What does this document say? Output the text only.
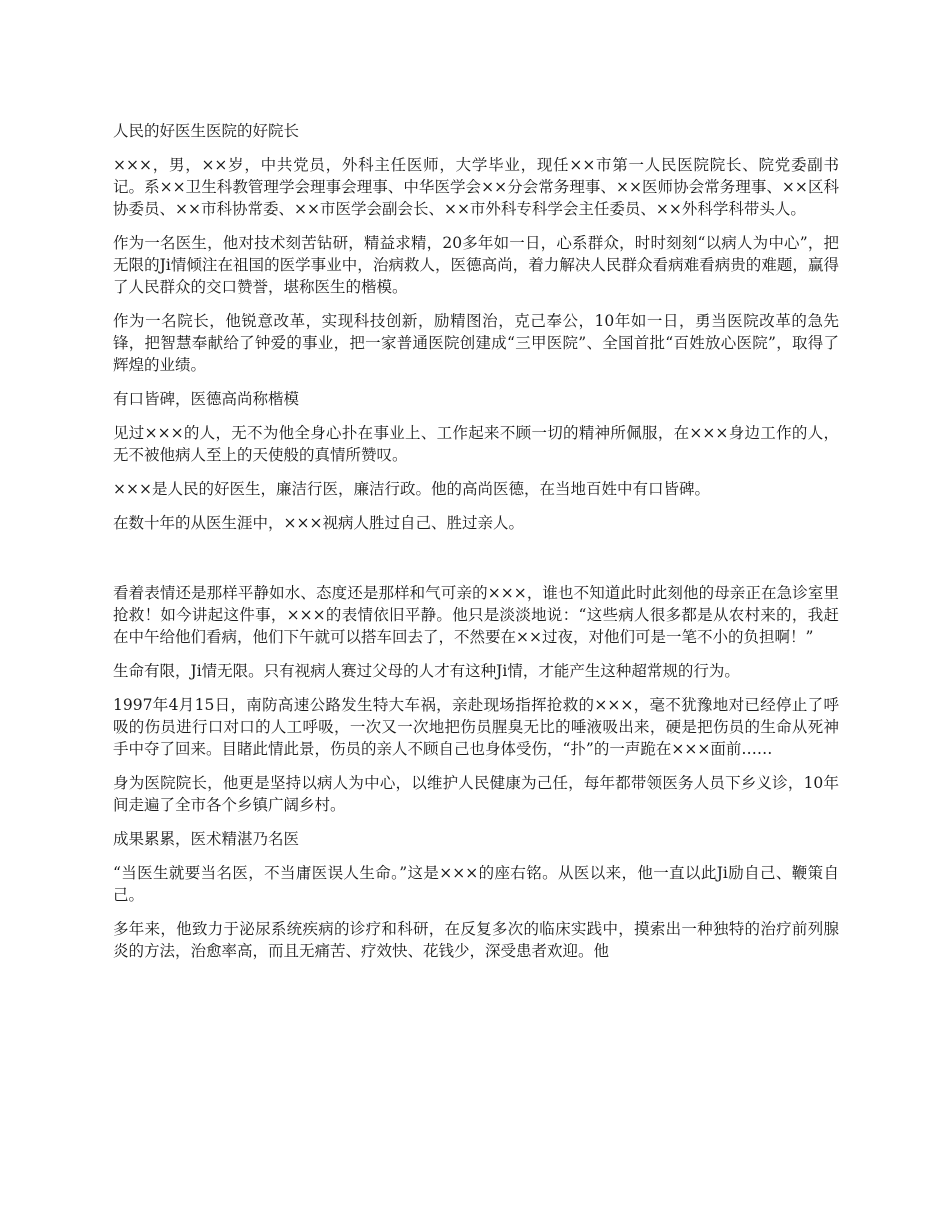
人民的好医生医院的好院长

×××，男，××岁，中共党员，外科主任医师，大学毕业，现任××市第一人民医院院长、院党委副书记。系××卫生科教管理学会理事会理事、中华医学会××分会常务理事、××医师协会常务理事、××区科协委员、××市科协常委、××市医学会副会长、××市外科专科学会主任委员、××外科学科带头人。

作为一名医生，他对技术刻苦钻研，精益求精，20多年如一日，心系群众，时时刻刻“以病人为中心”，把无限的Ji情倾注在祖国的医学事业中，治病救人，医德高尚，着力解决人民群众看病难看病贵的难题，赢得了人民群众的交口赞誉，堪称医生的楷模。

作为一名院长，他锐意改革，实现科技创新，励精图治，克己奉公，10年如一日，勇当医院改革的急先锋，把智慧奉献给了钟爱的事业，把一家普通医院创建成“三甲医院”、全国首批“百姓放心医院”，取得了辉煌的业绩。

有口皆碑，医德高尚称楷模

见过×××的人，无不为他全身心扑在事业上、工作起来不顾一切的精神所佩服，在×××身边工作的人，无不被他病人至上的天使般的真情所赞叹。

×××是人民的好医生，廉洁行医，廉洁行政。他的高尚医德，在当地百姓中有口皆碑。

在数十年的从医生涯中，×××视病人胜过自己、胜过亲人。

看着表情还是那样平静如水、态度还是那样和气可亲的×××，谁也不知道此时此刻他的母亲正在急诊室里抢救！如今讲起这件事，×××的表情依旧平静。他只是淡淡地说：“这些病人很多都是从农村来的，我赶在中午给他们看病，他们下午就可以搭车回去了，不然要在××过夜，对他们可是一笔不小的负担啊！”

生命有限，Ji情无限。只有视病人赛过父母的人才有这种Ji情，才能产生这种超常规的行为。

1997年4月15日，南防高速公路发生特大车祸，亲赴现场指挥抢救的×××，毫不犹豫地对已经停止了呼吸的伤员进行口对口的人工呼吸，一次又一次地把伤员腥臭无比的唾液吸出来，硬是把伤员的生命从死神手中夺了回来。目睹此情此景，伤员的亲人不顾自己也身体受伤，“扑”的一声跪在×××面前……

身为医院院长，他更是坚持以病人为中心，以维护人民健康为己任，每年都带领医务人员下乡义诊，10年间走遍了全市各个乡镇广阔乡村。

成果累累，医术精湛乃名医

“当医生就要当名医，不当庸医误人生命。”这是×××的座右铭。从医以来，他一直以此Ji励自己、鞭策自己。

多年来，他致力于泌尿系统疾病的诊疗和科研，在反复多次的临床实践中，摸索出一种独特的治疗前列腺炎的方法，治愈率高，而且无痛苦、疗效快、花钱少，深受患者欢迎。他
